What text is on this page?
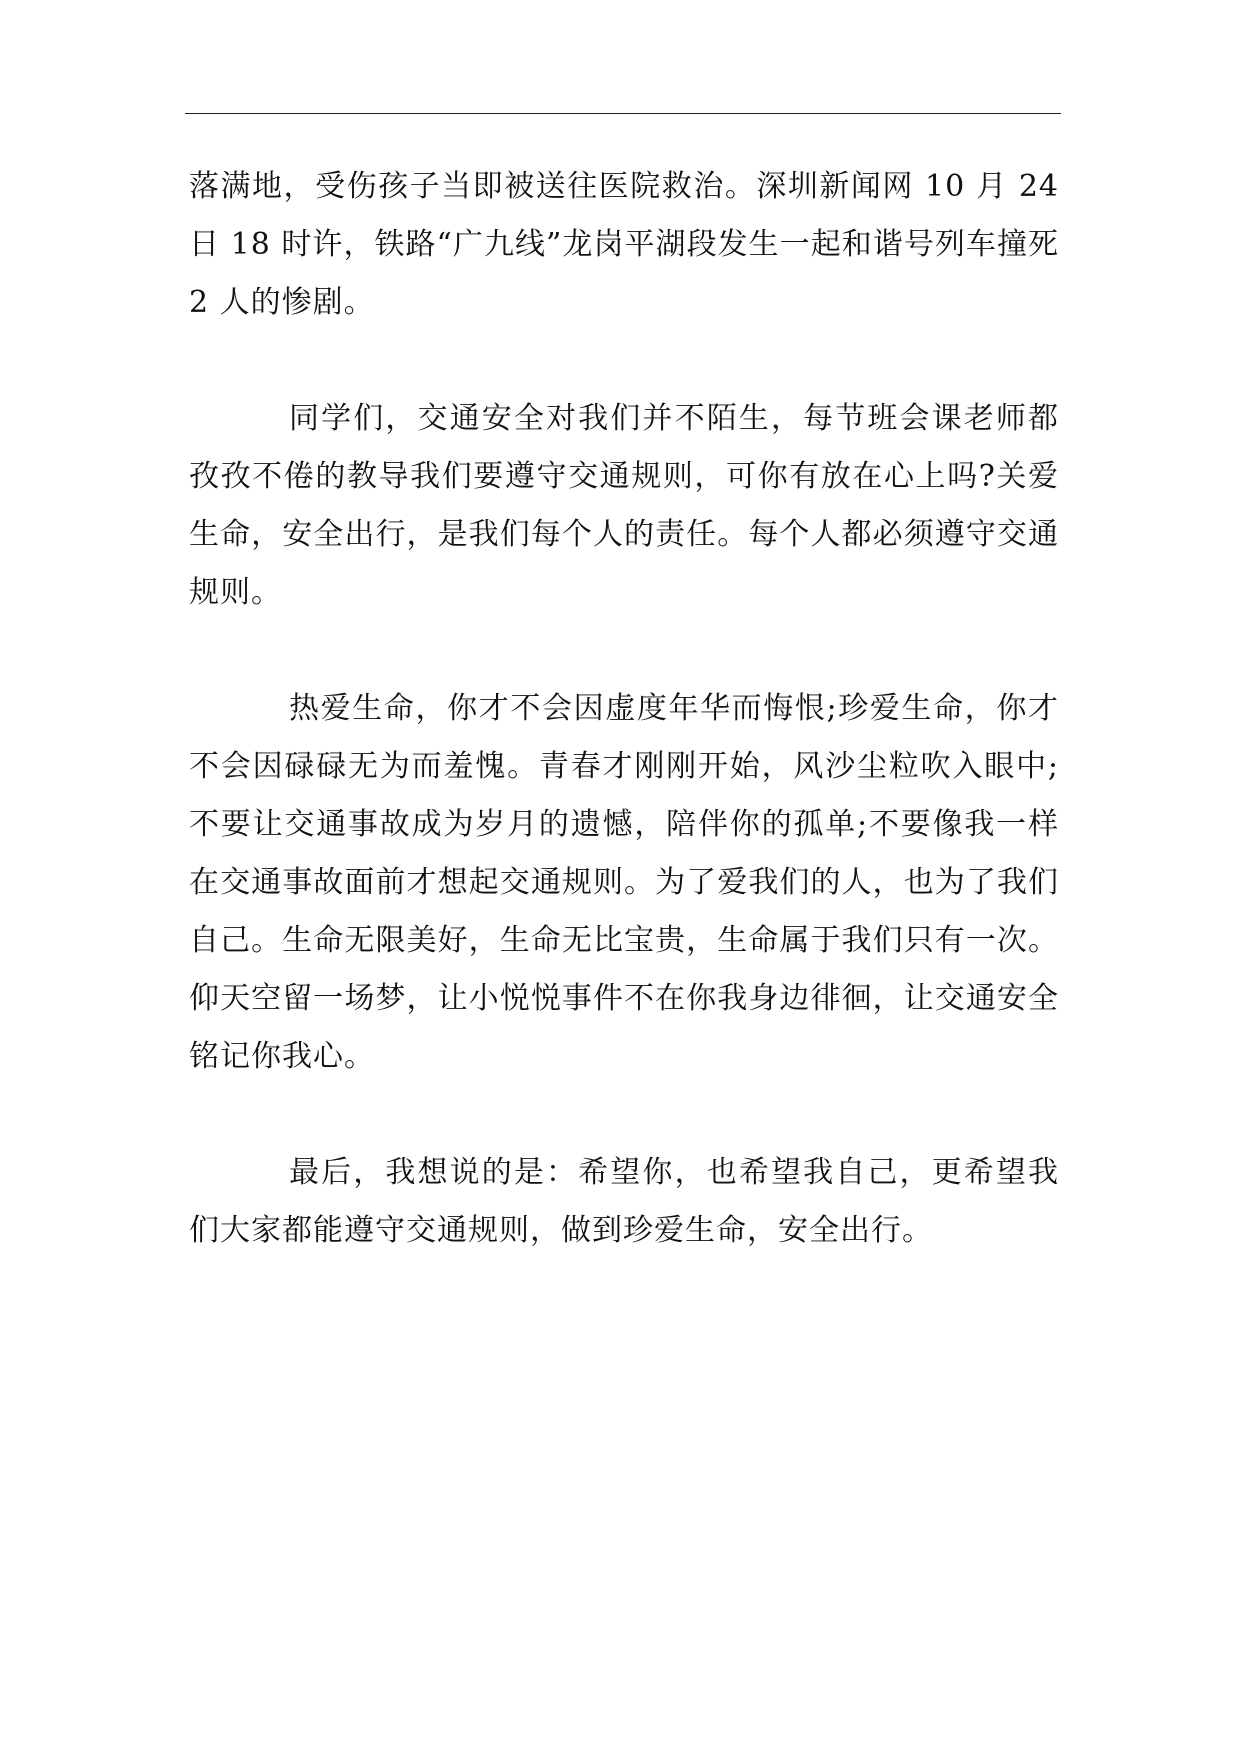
落满地，受伤孩子当即被送往医院救治。深圳新闻网 10 月 24 日 18 时许，铁路“广九线”龙岗平湖段发生一起和谐号列车撞死 2 人的惨剧。

同学们，交通安全对我们并不陌生，每节班会课老师都孜孜不倦的教导我们要遵守交通规则，可你有放在心上吗?关爱生命，安全出行，是我们每个人的责任。每个人都必须遵守交通规则。

热爱生命，你才不会因虚度年华而悔恨;珍爱生命，你才不会因碌碌无为而羞愧。青春才刚刚开始，风沙尘粒吹入眼中;不要让交通事故成为岁月的遗憾，陪伴你的孤单;不要像我一样在交通事故面前才想起交通规则。为了爱我们的人，也为了我们自己。生命无限美好，生命无比宝贵，生命属于我们只有一次。仰天空留一场梦，让小悦悦事件不在你我身边徘徊，让交通安全铭记你我心。

最后，我想说的是：希望你，也希望我自己，更希望我们大家都能遵守交通规则，做到珍爱生命，安全出行。
